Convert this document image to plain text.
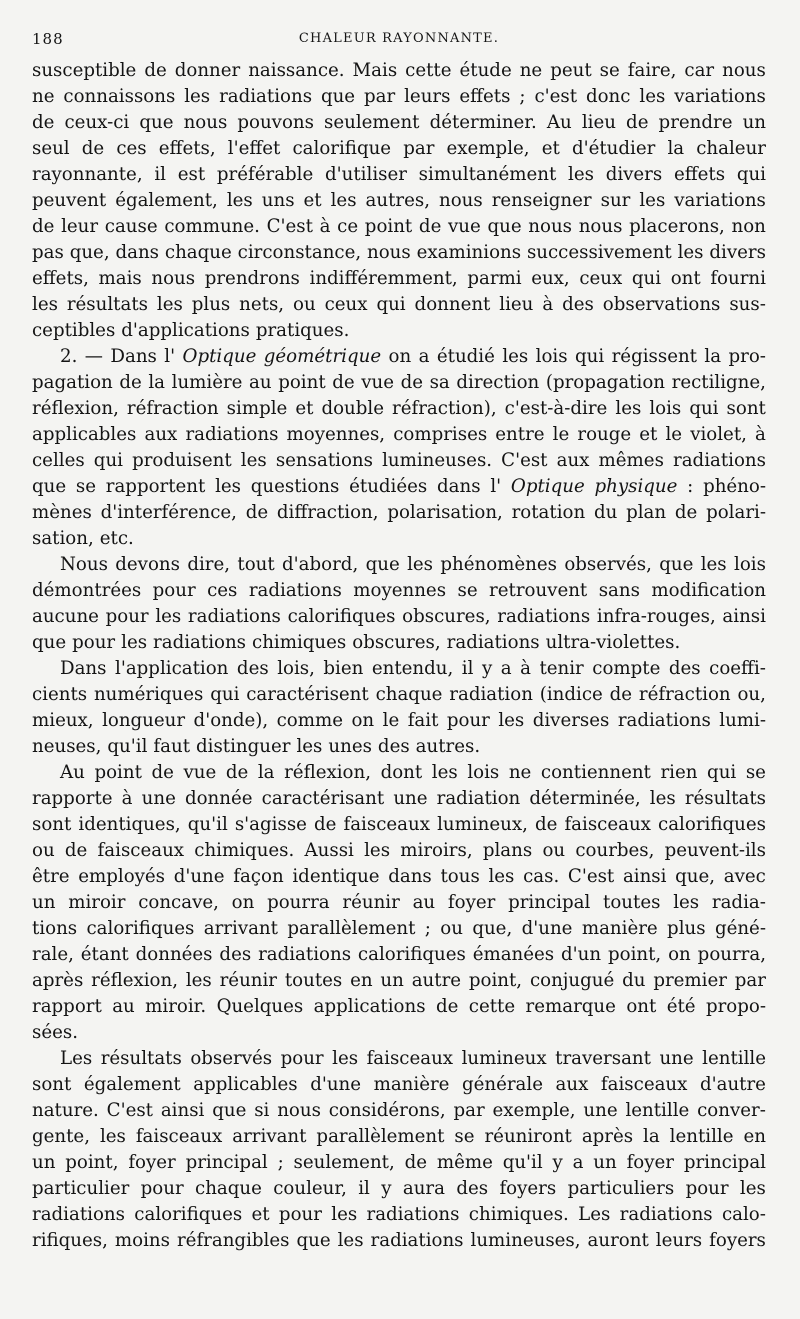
188	CHALEUR RAYONNANTE.
susceptible de donner naissance. Mais cette étude ne peut se faire, car nous
ne connaissons les radiations que par leurs effets ; c'est donc les variations
de ceux-ci que nous pouvons seulement déterminer. Au lieu de prendre un
seul de ces effets, l'effet calorifique par exemple, et d'étudier la chaleur
rayonnante, il est préférable d'utiliser simultanément les divers effets qui
peuvent également, les uns et les autres, nous renseigner sur les variations
de leur cause commune. C'est à ce point de vue que nous nous placerons, non
pas que, dans chaque circonstance, nous examinions successivement les divers
effets, mais nous prendrons indifféremment, parmi eux, ceux qui ont fourni
les résultats les plus nets, ou ceux qui donnent lieu à des observations sus-
ceptibles d'applications pratiques.
2. — Dans l' Optique géométrique on a étudié les lois qui régissent la pro-
pagation de la lumière au point de vue de sa direction (propagation rectiligne,
réflexion, réfraction simple et double réfraction), c'est-à-dire les lois qui sont
applicables aux radiations moyennes, comprises entre le rouge et le violet, à
celles qui produisent les sensations lumineuses. C'est aux mêmes radiations
que se rapportent les questions étudiées dans l' Optique physique : phéno-
mènes d'interférence, de diffraction, polarisation, rotation du plan de polari-
sation, etc.
Nous devons dire, tout d'abord, que les phénomènes observés, que les lois
démontrées pour ces radiations moyennes se retrouvent sans modification
aucune pour les radiations calorifiques obscures, radiations infra-rouges, ainsi
que pour les radiations chimiques obscures, radiations ultra-violettes.
Dans l'application des lois, bien entendu, il y a à tenir compte des coeffi-
cients numériques qui caractérisent chaque radiation (indice de réfraction ou,
mieux, longueur d'onde), comme on le fait pour les diverses radiations lumi-
neuses, qu'il faut distinguer les unes des autres.
Au point de vue de la réflexion, dont les lois ne contiennent rien qui se
rapporte à une donnée caractérisant une radiation déterminée, les résultats
sont identiques, qu'il s'agisse de faisceaux lumineux, de faisceaux calorifiques
ou de faisceaux chimiques. Aussi les miroirs, plans ou courbes, peuvent-ils
être employés d'une façon identique dans tous les cas. C'est ainsi que, avec
un miroir concave, on pourra réunir au foyer principal toutes les radia-
tions calorifiques arrivant parallèlement ; ou que, d'une manière plus géné-
rale, étant données des radiations calorifiques émanées d'un point, on pourra,
après réflexion, les réunir toutes en un autre point, conjugué du premier par
rapport au miroir. Quelques applications de cette remarque ont été propo-
sées.
Les résultats observés pour les faisceaux lumineux traversant une lentille
sont également applicables d'une manière générale aux faisceaux d'autre
nature. C'est ainsi que si nous considérons, par exemple, une lentille conver-
gente, les faisceaux arrivant parallèlement se réuniront après la lentille en
un point, foyer principal ; seulement, de même qu'il y a un foyer principal
particulier pour chaque couleur, il y aura des foyers particuliers pour les
radiations calorifiques et pour les radiations chimiques. Les radiations calo-
rifiques, moins réfrangibles que les radiations lumineuses, auront leurs foyers
